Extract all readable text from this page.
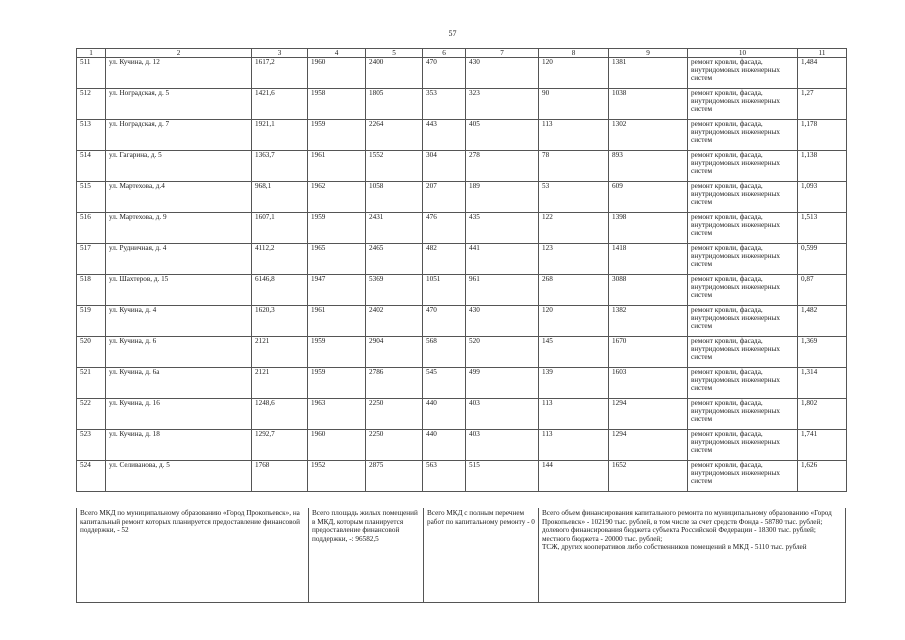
57
1	2	3	4	5	6	7	8	9	10	11
511	ул. Кучина, д. 12	1617,2	1960	2400	470	430	120	1381	ремонт кровли, фасада, внутридомовых инженерных систем	1,484
512	ул. Ноградская, д. 5	1421,6	1958	1805	353	323	90	1038	ремонт кровли, фасада, внутридомовых инженерных систем	1,27
513	ул. Ноградская, д. 7	1921,1	1959	2264	443	405	113	1302	ремонт кровли, фасада, внутридомовых инженерных систем	1,178
514	ул. Гагарина, д. 5	1363,7	1961	1552	304	278	78	893	ремонт кровли, фасада, внутридомовых инженерных систем	1,138
515	ул. Мартехова, д.4	968,1	1962	1058	207	189	53	609	ремонт кровли, фасада, внутридомовых инженерных систем	1,093
516	ул. Мартехова, д. 9	1607,1	1959	2431	476	435	122	1398	ремонт кровли, фасада, внутридомовых инженерных систем	1,513
517	ул. Рудничная, д. 4	4112,2	1965	2465	482	441	123	1418	ремонт кровли, фасада, внутридомовых инженерных систем	0,599
518	ул. Шахтеров, д. 15	6146,8	1947	5369	1051	961	268	3088	ремонт кровли, фасада, внутридомовых инженерных систем	0,87
519	ул. Кучина, д. 4	1620,3	1961	2402	470	430	120	1382	ремонт кровли, фасада, внутридомовых инженерных систем	1,482
520	ул. Кучина, д. 6	2121	1959	2904	568	520	145	1670	ремонт кровли, фасада, внутридомовых инженерных систем	1,369
521	ул. Кучина, д. 6а	2121	1959	2786	545	499	139	1603	ремонт кровли, фасада, внутридомовых инженерных систем	1,314
522	ул. Кучина, д. 16	1248,6	1963	2250	440	403	113	1294	ремонт кровли, фасада, внутридомовых инженерных систем	1,802
523	ул. Кучина, д. 18	1292,7	1960	2250	440	403	113	1294	ремонт кровли, фасада, внутридомовых инженерных систем	1,741
524	ул. Селиванова, д. 5	1768	1952	2875	563	515	144	1652	ремонт кровли, фасада, внутридомовых инженерных систем	1,626
Всего МКД по муниципальному образованию «Город Прокопьевск», на капитальный ремонт которых планируется предоставление финансовой поддержки, - 52
Всего площадь жилых помещений в МКД, которым планируется предоставление финансовой поддержки, -: 96582,5
Всего МКД с полным перечнем работ по капитальному ремонту - 0
Всего объем финансирования капитального ремонта по муниципальному образованию «Город Прокопьевск» - 102190 тыс. рублей, в том числе за счет средств Фонда - 58780 тыс. рублей;
долевого финансирования бюджета субъекта Российской Федерации - 18300 тыс. рублей;
местного бюджета - 20000 тыс. рублей;
ТСЖ, других кооперативов либо собственников помещений в МКД - 5110 тыс. рублей
